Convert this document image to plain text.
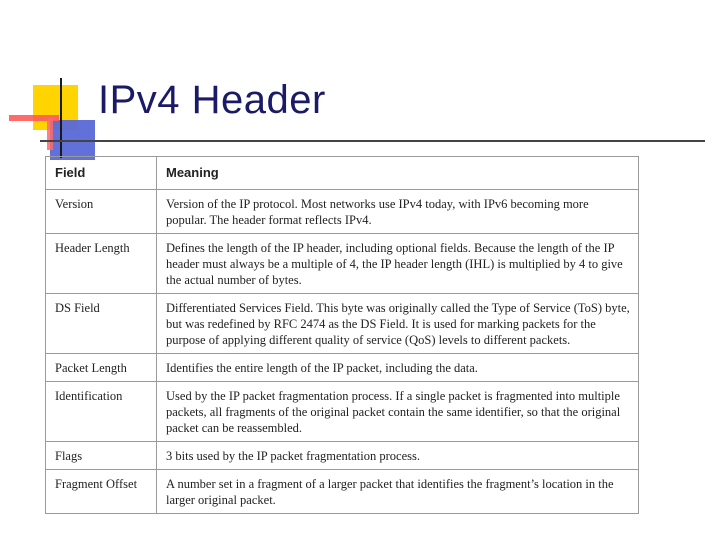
IPv4 Header
Field	Meaning
Version	Version of the IP protocol. Most networks use IPv4 today, with IPv6 becoming more popular. The header format reflects IPv4.
Header Length	Defines the length of the IP header, including optional fields. Because the length of the IP header must always be a multiple of 4, the IP header length (IHL) is multiplied by 4 to give the actual number of bytes.
DS Field	Differentiated Services Field. This byte was originally called the Type of Service (ToS) byte, but was redefined by RFC 2474 as the DS Field. It is used for marking packets for the purpose of applying different quality of service (QoS) levels to different packets.
Packet Length	Identifies the entire length of the IP packet, including the data.
Identification	Used by the IP packet fragmentation process. If a single packet is fragmented into multiple packets, all fragments of the original packet contain the same identifier, so that the original packet can be reassembled.
Flags	3 bits used by the IP packet fragmentation process.
Fragment Offset	A number set in a fragment of a larger packet that identifies the fragment’s location in the larger original packet.
